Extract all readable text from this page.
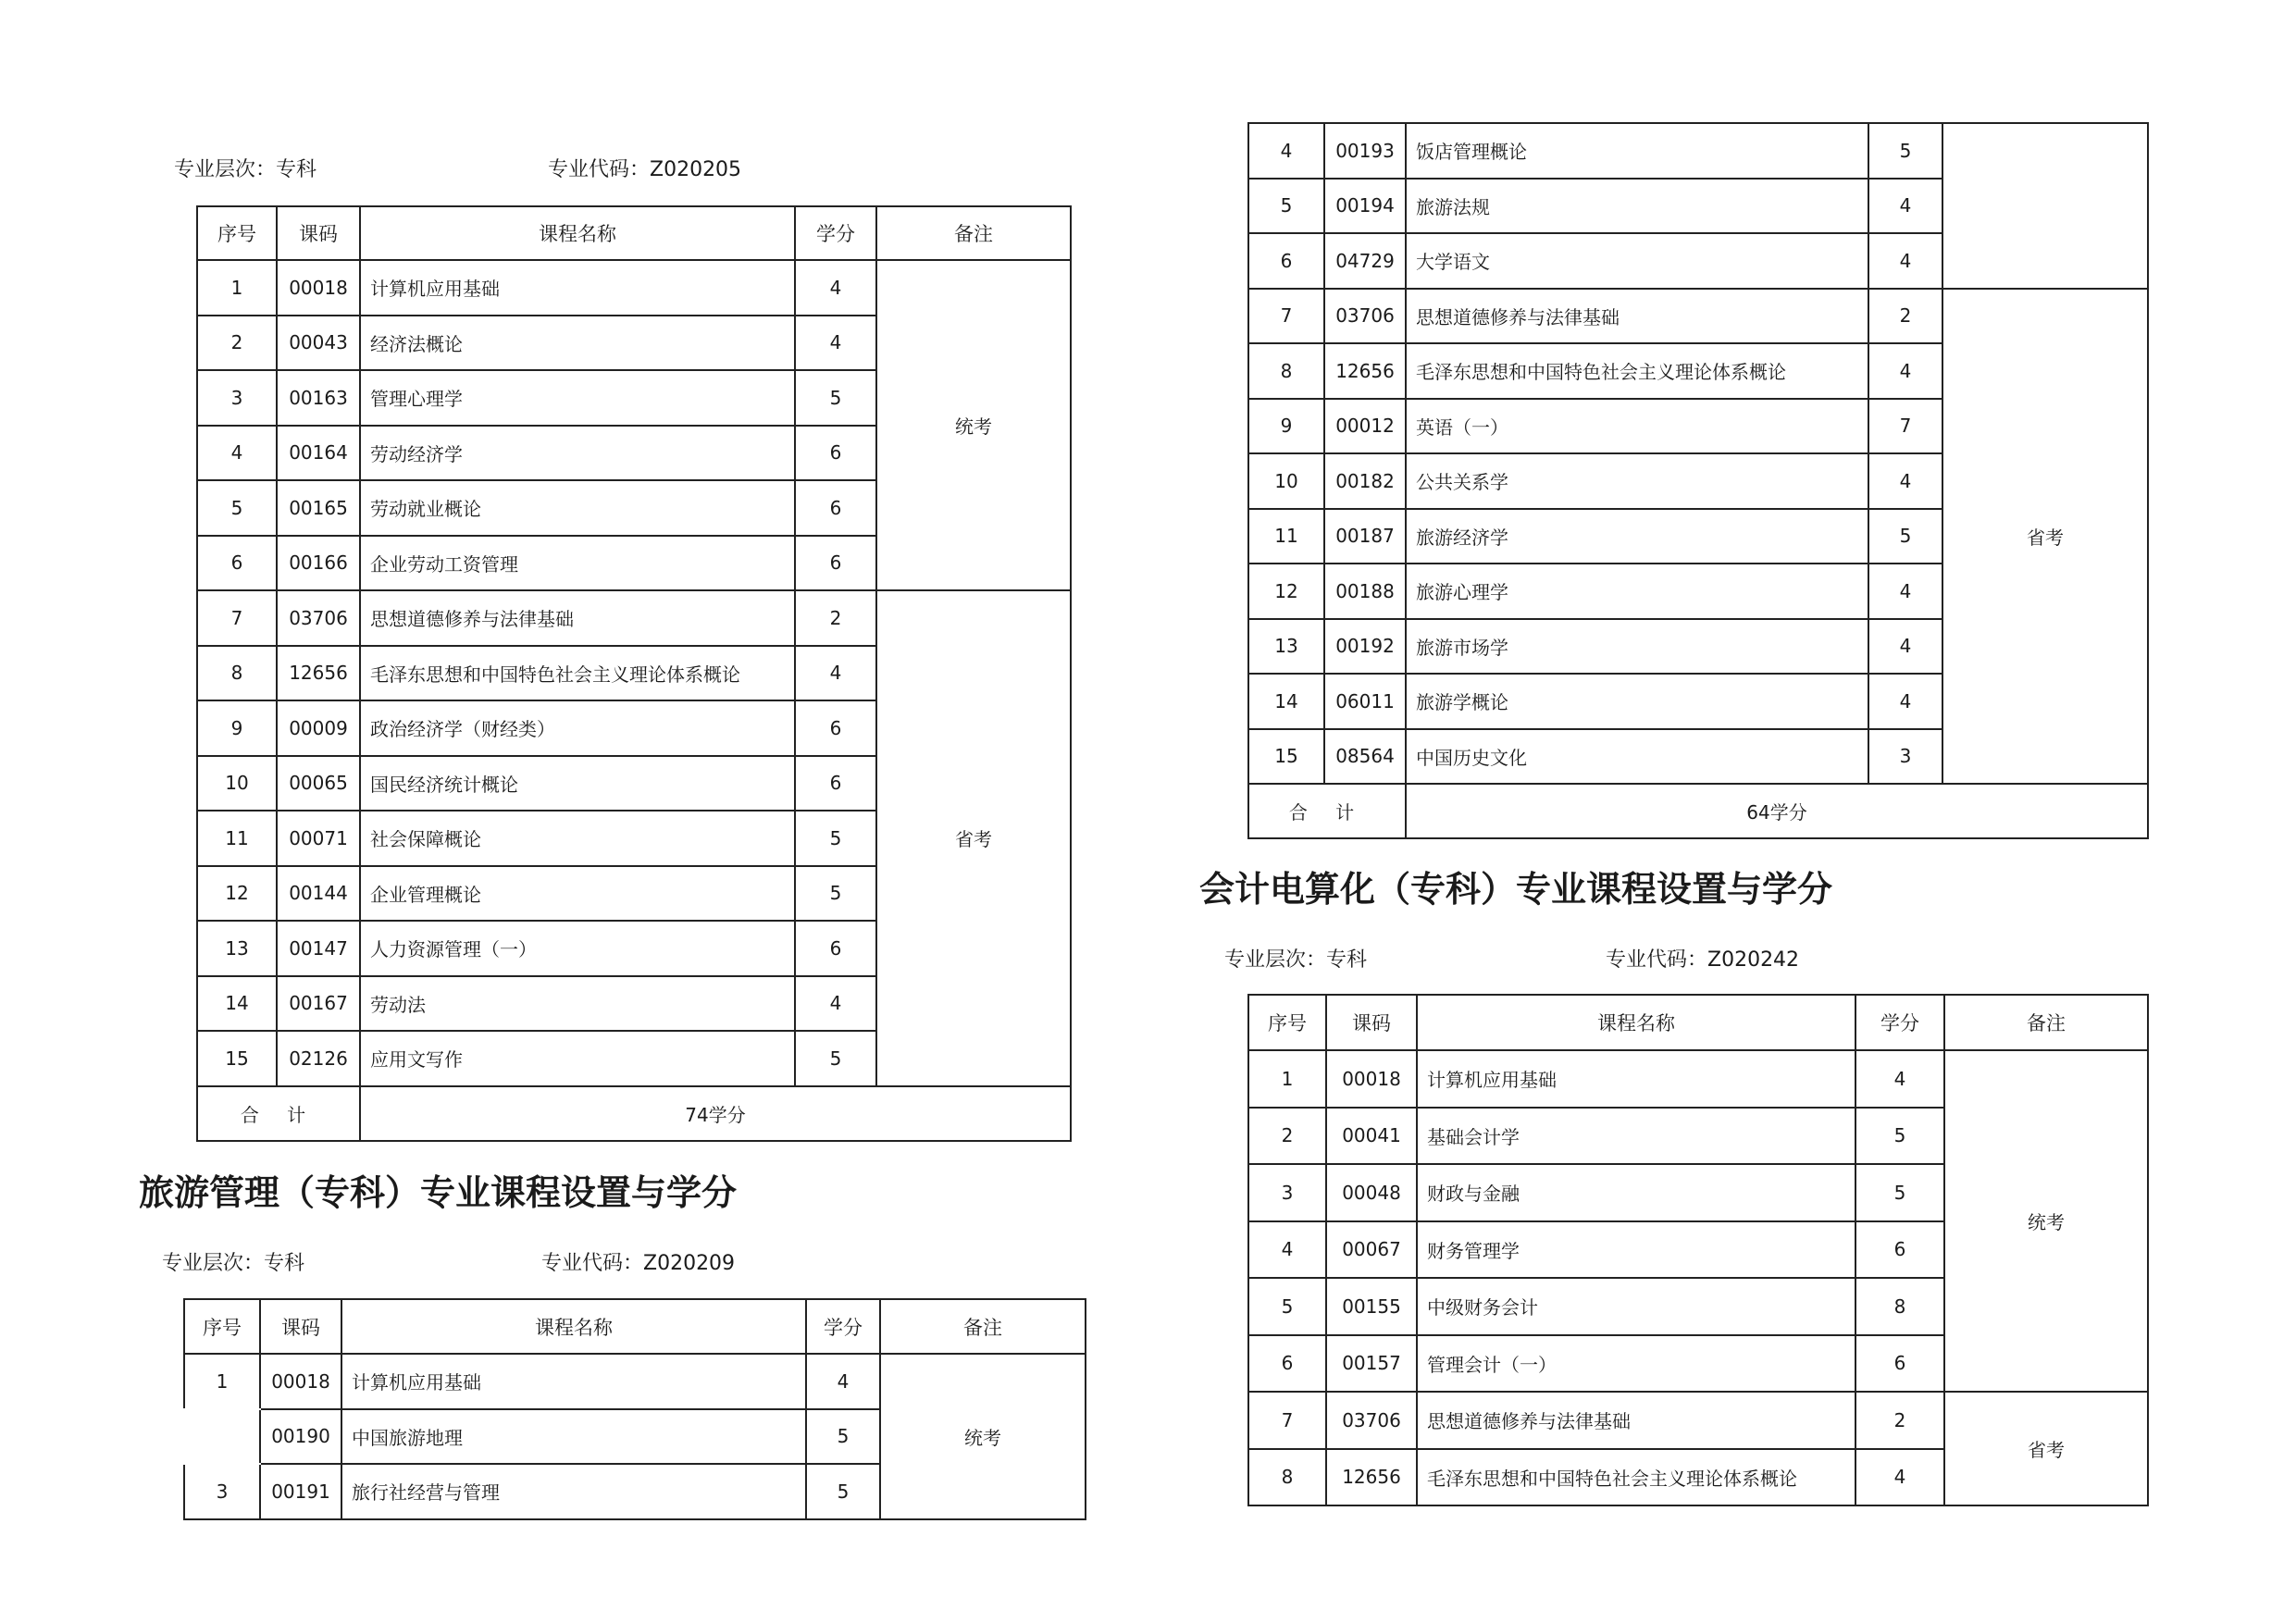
专业层次：专科	专业代码：Z020205
序号	课码	课程名称	学分	备注
1	00018	计算机应用基础	4	统考
2	00043	经济法概论	4	
3	00163	管理心理学	5	
4	00164	劳动经济学	6	
5	00165	劳动就业概论	6	
6	00166	企业劳动工资管理	6	
7	03706	思想道德修养与法律基础	2	省考
8	12656	毛泽东思想和中国特色社会主义理论体系概论	4	
9	00009	政治经济学（财经类）	6	
10	00065	国民经济统计概论	6	
11	00071	社会保障概论	5	
12	00144	企业管理概论	5	
13	00147	人力资源管理（一）	6	
14	00167	劳动法	4	
15	02126	应用文写作	5	
合 计		74学分		
旅游管理（专科）专业课程设置与学分
专业层次：专科	专业代码：Z020209
序号	课码	课程名称	学分	备注
1	00018	计算机应用基础	4	统考
	00190	中国旅游地理	5	
3	00191	旅行社经营与管理	5	
4	00193	饭店管理概论	5	
5	00194	旅游法规	4	
6	04729	大学语文	4	
7	03706	思想道德修养与法律基础	2	省考
8	12656	毛泽东思想和中国特色社会主义理论体系概论	4	
9	00012	英语（一）	7	
10	00182	公共关系学	4	
11	00187	旅游经济学	5	
12	00188	旅游心理学	4	
13	00192	旅游市场学	4	
14	06011	旅游学概论	4	
15	08564	中国历史文化	3	
合 计		64学分		
会计电算化（专科）专业课程设置与学分
专业层次：专科	专业代码：Z020242
序号	课码	课程名称	学分	备注
1	00018	计算机应用基础	4	统考
2	00041	基础会计学	5	
3	00048	财政与金融	5	
4	00067	财务管理学	6	
5	00155	中级财务会计	8	
6	00157	管理会计（一）	6	
7	03706	思想道德修养与法律基础	2	省考
8	12656	毛泽东思想和中国特色社会主义理论体系概论	4	
